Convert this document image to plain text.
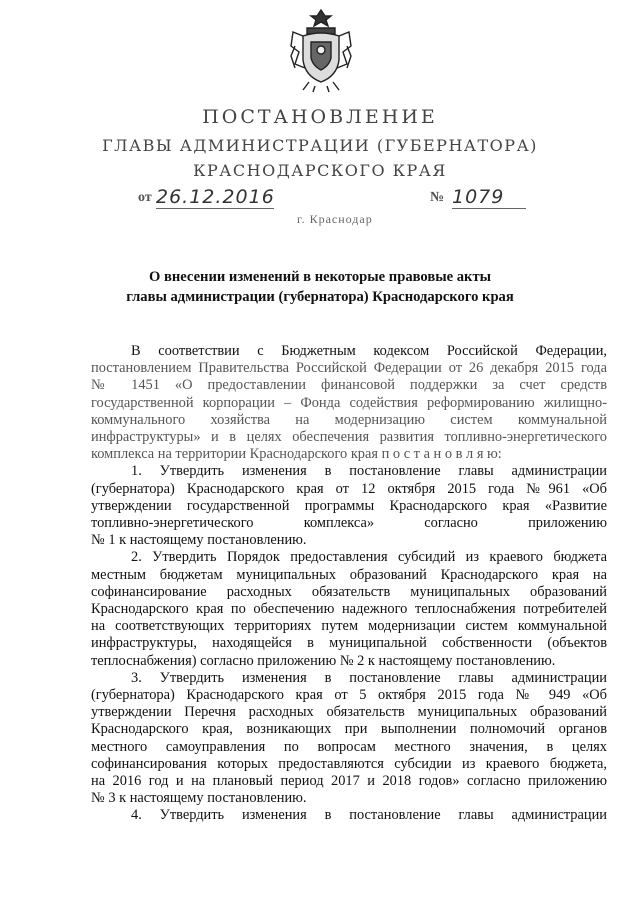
ПОСТАНОВЛЕНИЕ
ГЛАВЫ АДМИНИСТРАЦИИ (ГУБЕРНАТОРА)
КРАСНОДАРСКОГО КРАЯ
от 26.12.2016	№ 1079
г. Краснодар
О внесении изменений в некоторые правовые акты
главы администрации (губернатора) Краснодарского края
В соответствии с Бюджетным кодексом Российской Федерации,
постановлением Правительства Российской Федерации от 26 декабря 2015 года
№ 1451 «О предоставлении финансовой поддержки за счет средств
государственной корпорации – Фонда содействия реформированию жилищно-
коммунального хозяйства на модернизацию систем коммунальной
инфраструктуры» и в целях обеспечения развития топливно-энергетического
комплекса на территории Краснодарского края п о с т а н о в л я ю:
1. Утвердить изменения в постановление главы администрации
(губернатора) Краснодарского края от 12 октября 2015 года №961 «Об
утверждении государственной программы Краснодарского края «Развитие
топливно-энергетического комплекса» согласно приложению
№ 1 к настоящему постановлению.
2. Утвердить Порядок предоставления субсидий из краевого бюджета
местным бюджетам муниципальных образований Краснодарского края на
софинансирование расходных обязательств муниципальных образований
Краснодарского края по обеспечению надежного теплоснабжения потребителей
на соответствующих территориях путем модернизации систем коммунальной
инфраструктуры, находящейся в муниципальной собственности (объектов
теплоснабжения) согласно приложению № 2 к настоящему постановлению.
3. Утвердить изменения в постановление главы администрации
(губернатора) Краснодарского края от 5 октября 2015 года № 949 «Об
утверждении Перечня расходных обязательств муниципальных образований
Краснодарского края, возникающих при выполнении полномочий органов
местного самоуправления по вопросам местного значения, в целях
софинансирования которых предоставляются субсидии из краевого бюджета,
на 2016 год и на плановый период 2017 и 2018 годов» согласно приложению
№ 3 к настоящему постановлению.
4. Утвердить изменения в постановление главы администрации
